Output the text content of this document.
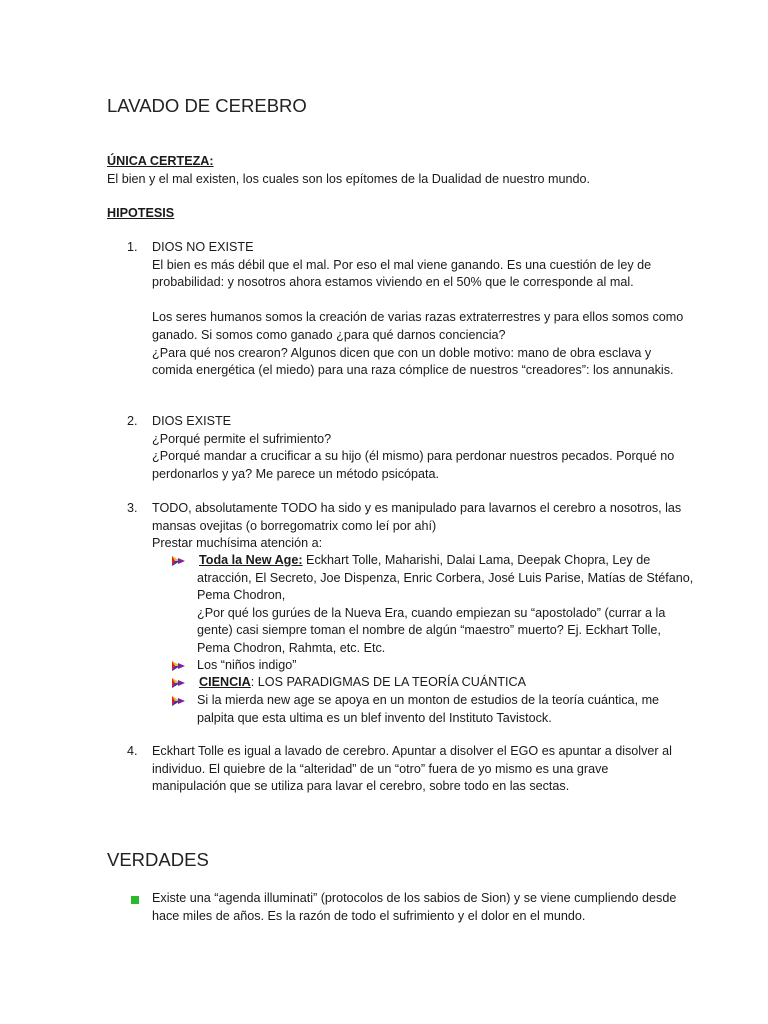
LAVADO DE CEREBRO
ÚNICA CERTEZA:
El bien y el mal existen, los cuales son los epítomes de la Dualidad de nuestro mundo.
HIPOTESIS
1. DIOS NO EXISTE
El bien es más débil que el mal. Por eso el mal viene ganando. Es una cuestión de ley de
probabilidad: y nosotros ahora estamos viviendo en el 50% que le corresponde al mal.
Los seres humanos somos la creación de varias razas extraterrestres y para ellos somos como
ganado. Si somos como ganado ¿para qué darnos conciencia?
¿Para qué nos crearon? Algunos dicen que con un doble motivo: mano de obra esclava y
comida energética (el miedo) para una raza cómplice de nuestros “creadores”: los annunakis.
2. DIOS EXISTE
¿Porqué permite el sufrimiento?
¿Porqué mandar a crucificar a su hijo (él mismo) para perdonar nuestros pecados. Porqué no
perdonarlos y ya? Me parece un método psicópata.
3. TODO, absolutamente TODO ha sido y es manipulado para lavarnos el cerebro a nosotros, las
mansas ovejitas (o borregomatrix como leí por ahí)
Prestar muchísima atención a:
Toda la New Age: Eckhart Tolle, Maharishi, Dalai Lama, Deepak Chopra, Ley de
atracción, El Secreto, Joe Dispenza, Enric Corbera, José Luis Parise, Matías de Stéfano,
Pema Chodron,
¿Por qué los gurúes de la Nueva Era, cuando empiezan su “apostolado” (currar a la
gente) casi siempre toman el nombre de algún “maestro” muerto? Ej. Eckhart Tolle,
Pema Chodron, Rahmta, etc. Etc.
Los “niños indigo”
CIENCIA: LOS PARADIGMAS DE LA TEORÍA CUÁNTICA
Si la mierda new age se apoya en un monton de estudios de la teoría cuántica, me
palpita que esta ultima es un blef invento del Instituto Tavistock.
4. Eckhart Tolle es igual a lavado de cerebro. Apuntar a disolver el EGO es apuntar a disolver al
individuo. El quiebre de la “alteridad” de un “otro” fuera de yo mismo es una grave
manipulación que se utiliza para lavar el cerebro, sobre todo en las sectas.
VERDADES
Existe una “agenda illuminati” (protocolos de los sabios de Sion) y se viene cumpliendo desde
hace miles de años. Es la razón de todo el sufrimiento y el dolor en el mundo.
